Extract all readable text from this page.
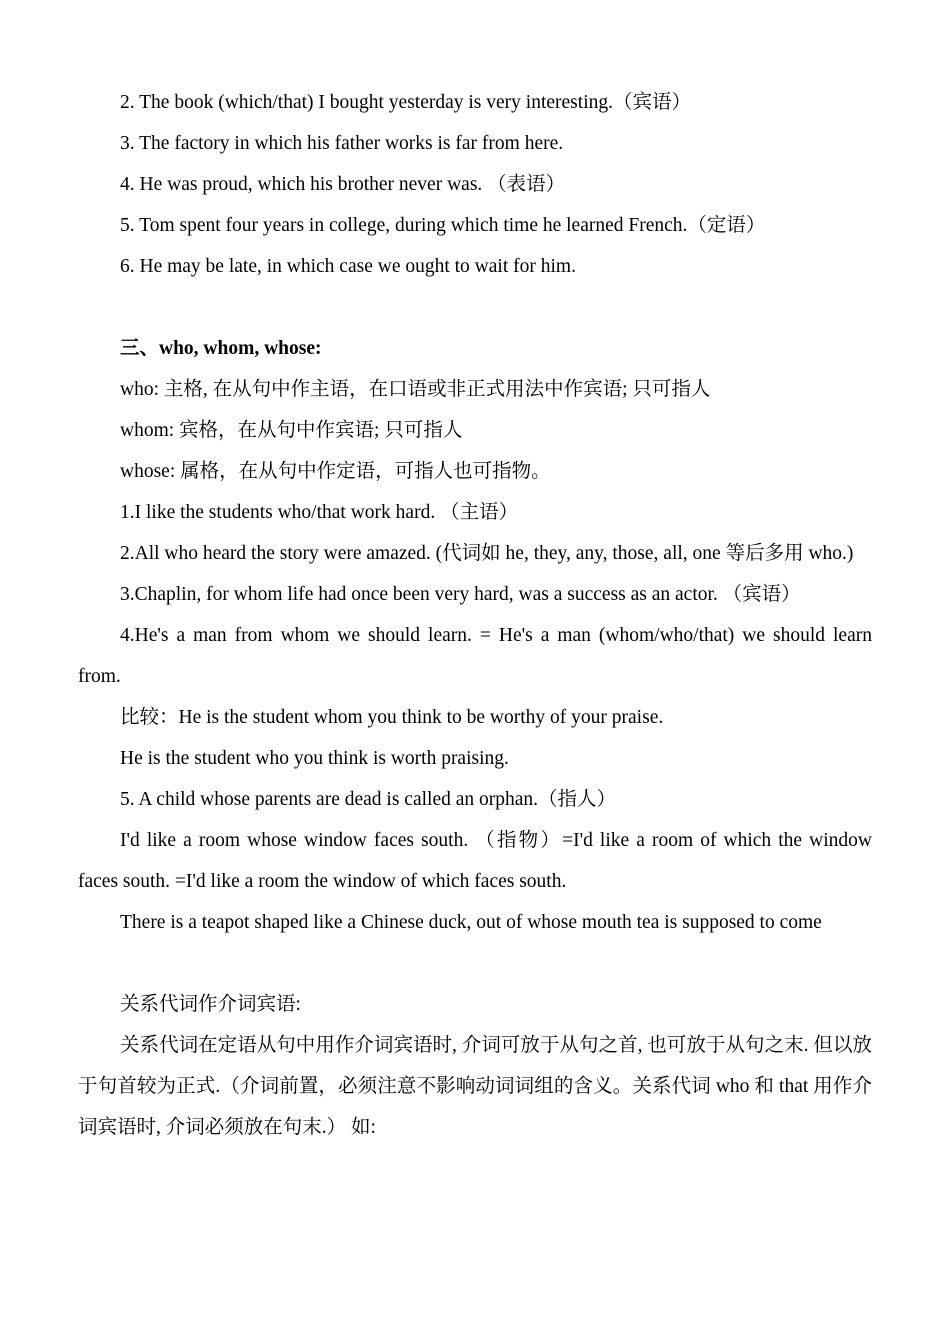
2. The book (which/that) I bought yesterday is very interesting.（宾语）

3. The factory in which his father works is far from here.

4. He was proud, which his brother never was. （表语）

5. Tom spent four years in college, during which time he learned French.（定语）

6. He may be late, in which case we ought to wait for him.

三、who, whom, whose:

who: 主格, 在从句中作主语，在口语或非正式用法中作宾语; 只可指人

whom: 宾格，在从句中作宾语; 只可指人

whose: 属格，在从句中作定语，可指人也可指物。

1.I like the students who/that work hard. （主语）

2.All who heard the story were amazed. (代词如 he, they, any, those, all, one 等后多用 who.)

3.Chaplin, for whom life had once been very hard, was a success as an actor. （宾语）

4.He's a man from whom we should learn. = He's a man (whom/who/that) we should learn from.

比较：He is the student whom you think to be worthy of your praise.

He is the student who you think is worth praising.

5. A child whose parents are dead is called an orphan.（指人）

I'd like a room whose window faces south. （指物）=I'd like a room of which the window faces south. =I'd like a room the window of which faces south.

There is a teapot shaped like a Chinese duck, out of whose mouth tea is supposed to come

关系代词作介词宾语:

关系代词在定语从句中用作介词宾语时, 介词可放于从句之首, 也可放于从句之末. 但以放于句首较为正式.（介词前置，必须注意不影响动词词组的含义。关系代词 who 和 that 用作介词宾语时, 介词必须放在句末.） 如:
